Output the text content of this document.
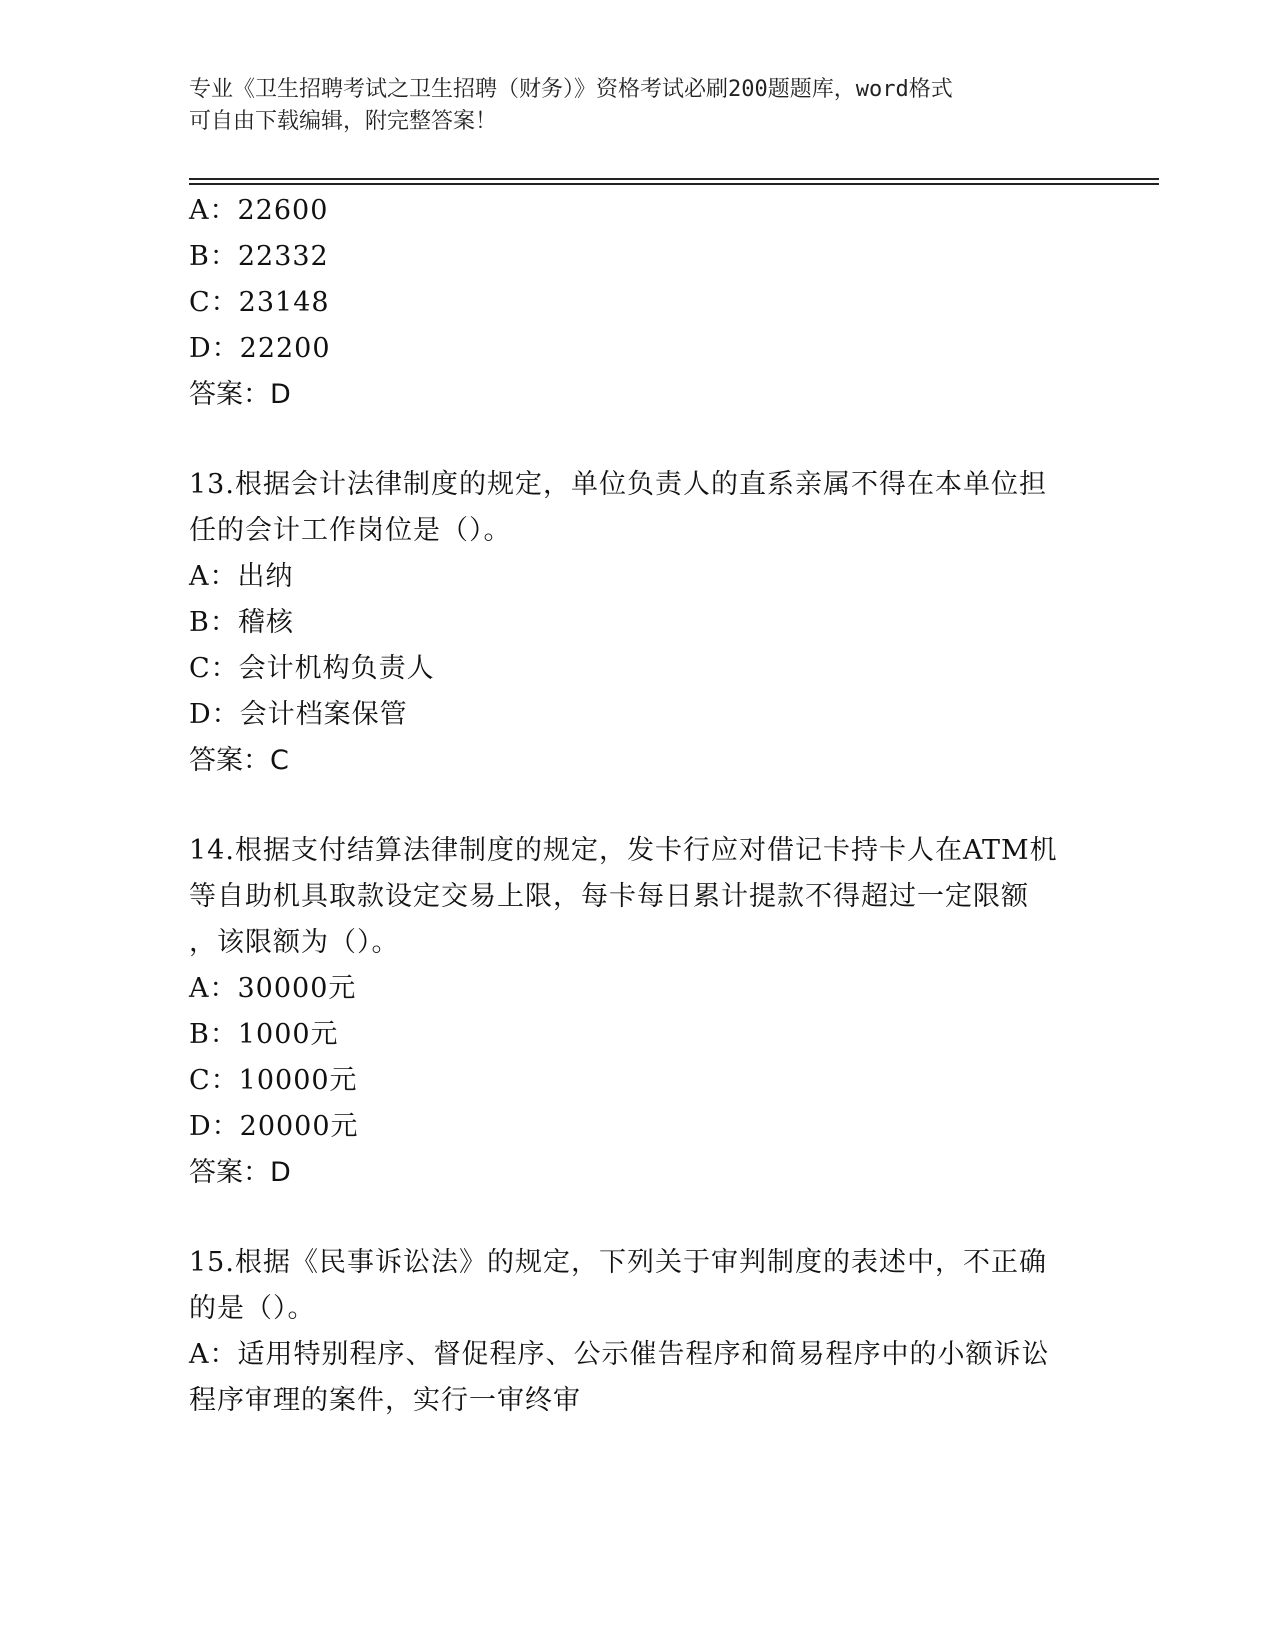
专业《卫生招聘考试之卫生招聘（财务）》资格考试必刷200题题库，word格式
可自由下载编辑，附完整答案！
A：22600
B：22332
C：23148
D：22200
答案：D
13.根据会计法律制度的规定，单位负责人的直系亲属不得在本单位担
任的会计工作岗位是（）。
A：出纳
B：稽核
C：会计机构负责人
D：会计档案保管
答案：C
14.根据支付结算法律制度的规定，发卡行应对借记卡持卡人在ATM机
等自助机具取款设定交易上限，每卡每日累计提款不得超过一定限额
，该限额为（）。
A：30000元
B：1000元
C：10000元
D：20000元
答案：D
15.根据《民事诉讼法》的规定，下列关于审判制度的表述中，不正确
的是（）。
A：适用特别程序、督促程序、公示催告程序和简易程序中的小额诉讼
程序审理的案件，实行一审终审
